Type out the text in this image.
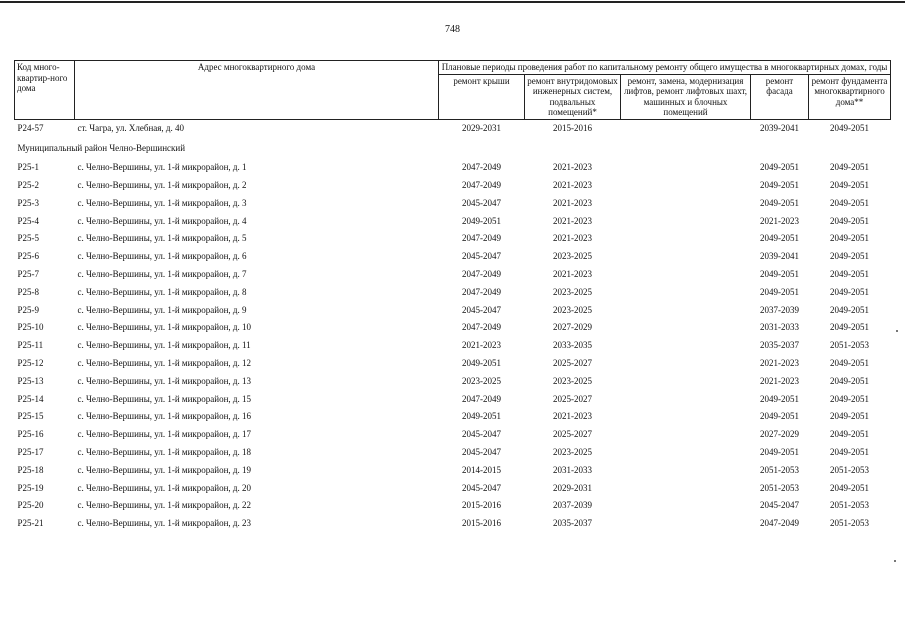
748
Код много-квартир-ного дома	Адрес многоквартирного дома	Плановые периоды проведения работ по капитальному ремонту общего имущества в многоквартирных домах, годы				
		ремонт крыши	ремонт внутридомовых инженерных систем, подвальных помещений*	ремонт, замена, модернизация лифтов, ремонт лифтовых шахт, машинных и блочных помещений	ремонт фасада	ремонт фундамента многоквартирного дома**
Р24-57	ст. Чагра, ул. Хлебная, д. 40	2029-2031	2015-2016		2039-2041	2049-2051
Муниципальный район Челно-Вершинский						
Р25-1	с. Челно-Вершины, ул. 1-й микрорайон, д. 1	2047-2049	2021-2023		2049-2051	2049-2051
Р25-2	с. Челно-Вершины, ул. 1-й микрорайон, д. 2	2047-2049	2021-2023		2049-2051	2049-2051
Р25-3	с. Челно-Вершины, ул. 1-й микрорайон, д. 3	2045-2047	2021-2023		2049-2051	2049-2051
Р25-4	с. Челно-Вершины, ул. 1-й микрорайон, д. 4	2049-2051	2021-2023		2021-2023	2049-2051
Р25-5	с. Челно-Вершины, ул. 1-й микрорайон, д. 5	2047-2049	2021-2023		2049-2051	2049-2051
Р25-6	с. Челно-Вершины, ул. 1-й микрорайон, д. 6	2045-2047	2023-2025		2039-2041	2049-2051
Р25-7	с. Челно-Вершины, ул. 1-й микрорайон, д. 7	2047-2049	2021-2023		2049-2051	2049-2051
Р25-8	с. Челно-Вершины, ул. 1-й микрорайон, д. 8	2047-2049	2023-2025		2049-2051	2049-2051
Р25-9	с. Челно-Вершины, ул. 1-й микрорайон, д. 9	2045-2047	2023-2025		2037-2039	2049-2051
Р25-10	с. Челно-Вершины, ул. 1-й микрорайон, д. 10	2047-2049	2027-2029		2031-2033	2049-2051
Р25-11	с. Челно-Вершины, ул. 1-й микрорайон, д. 11	2021-2023	2033-2035		2035-2037	2051-2053
Р25-12	с. Челно-Вершины, ул. 1-й микрорайон, д. 12	2049-2051	2025-2027		2021-2023	2049-2051
Р25-13	с. Челно-Вершины, ул. 1-й микрорайон, д. 13	2023-2025	2023-2025		2021-2023	2049-2051
Р25-14	с. Челно-Вершины, ул. 1-й микрорайон, д. 15	2047-2049	2025-2027		2049-2051	2049-2051
Р25-15	с. Челно-Вершины, ул. 1-й микрорайон, д. 16	2049-2051	2021-2023		2049-2051	2049-2051
Р25-16	с. Челно-Вершины, ул. 1-й микрорайон, д. 17	2045-2047	2025-2027		2027-2029	2049-2051
Р25-17	с. Челно-Вершины, ул. 1-й микрорайон, д. 18	2045-2047	2023-2025		2049-2051	2049-2051
Р25-18	с. Челно-Вершины, ул. 1-й микрорайон, д. 19	2014-2015	2031-2033		2051-2053	2051-2053
Р25-19	с. Челно-Вершины, ул. 1-й микрорайон, д. 20	2045-2047	2029-2031		2051-2053	2049-2051
Р25-20	с. Челно-Вершины, ул. 1-й микрорайон, д. 22	2015-2016	2037-2039		2045-2047	2051-2053
Р25-21	с. Челно-Вершины, ул. 1-й микрорайон, д. 23	2015-2016	2035-2037		2047-2049	2051-2053
